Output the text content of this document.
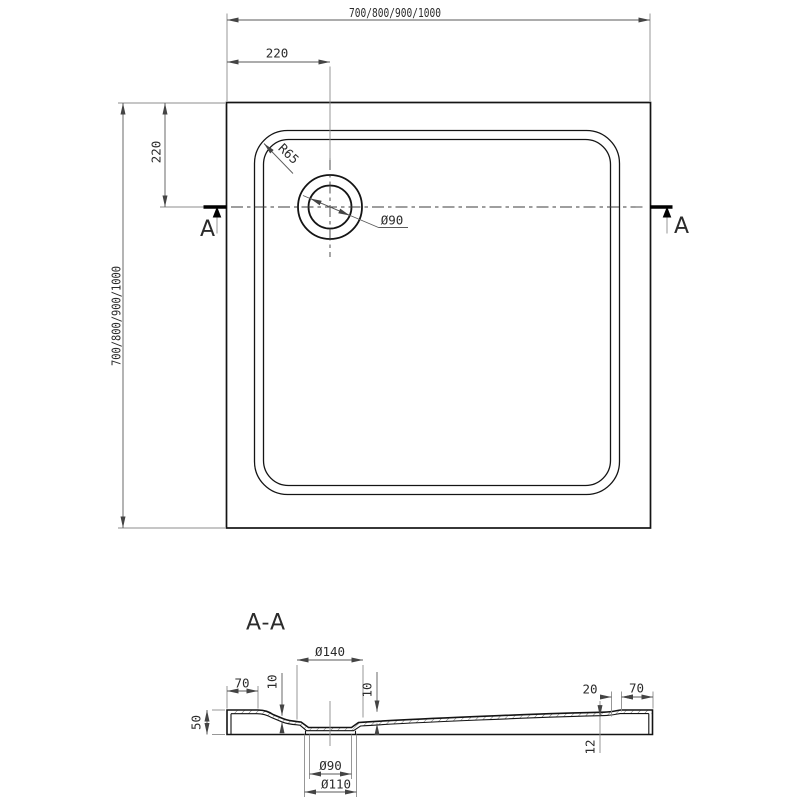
700/800/900/1000
220
700/800/900/1000
220	R65
Ø90
A	A
A-A
50
70 10
Ø140
10
Ø90
Ø110
20	70
12
